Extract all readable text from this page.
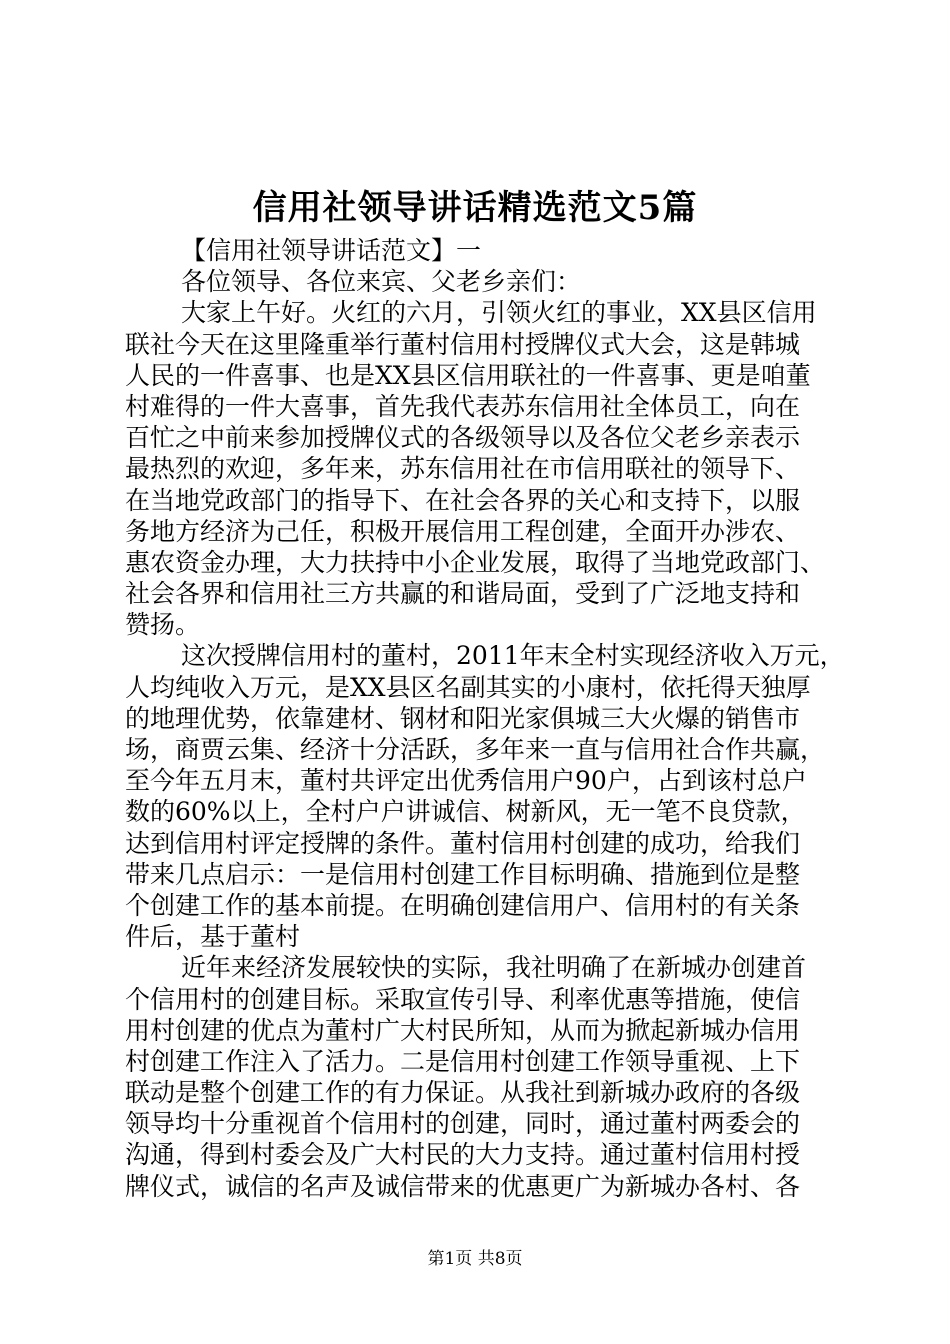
信用社领导讲话精选范文5篇
【信用社领导讲话范文】一
各位领导、各位来宾、父老乡亲们：
大家上午好。火红的六月，引领火红的事业，XX县区信用
联社今天在这里隆重举行董村信用村授牌仪式大会，这是韩城
人民的一件喜事、也是XX县区信用联社的一件喜事、更是咱董
村难得的一件大喜事，首先我代表苏东信用社全体员工，向在
百忙之中前来参加授牌仪式的各级领导以及各位父老乡亲表示
最热烈的欢迎，多年来，苏东信用社在市信用联社的领导下、
在当地党政部门的指导下、在社会各界的关心和支持下，以服
务地方经济为己任，积极开展信用工程创建，全面开办涉农、
惠农资金办理，大力扶持中小企业发展，取得了当地党政部门、
社会各界和信用社三方共赢的和谐局面，受到了广泛地支持和
赞扬。
这次授牌信用村的董村，2011年末全村实现经济收入万元，
人均纯收入万元，是XX县区名副其实的小康村，依托得天独厚
的地理优势，依靠建材、钢材和阳光家俱城三大火爆的销售市
场，商贾云集、经济十分活跃，多年来一直与信用社合作共赢，
至今年五月末，董村共评定出优秀信用户90户，占到该村总户
数的60%以上，全村户户讲诚信、树新风，无一笔不良贷款，
达到信用村评定授牌的条件。董村信用村创建的成功，给我们
带来几点启示：一是信用村创建工作目标明确、措施到位是整
个创建工作的基本前提。在明确创建信用户、信用村的有关条
件后，基于董村
近年来经济发展较快的实际，我社明确了在新城办创建首
个信用村的创建目标。采取宣传引导、利率优惠等措施，使信
用村创建的优点为董村广大村民所知，从而为掀起新城办信用
村创建工作注入了活力。二是信用村创建工作领导重视、上下
联动是整个创建工作的有力保证。从我社到新城办政府的各级
领导均十分重视首个信用村的创建，同时，通过董村两委会的
沟通，得到村委会及广大村民的大力支持。通过董村信用村授
牌仪式，诚信的名声及诚信带来的优惠更广为新城办各村、各
第1页 共8页
